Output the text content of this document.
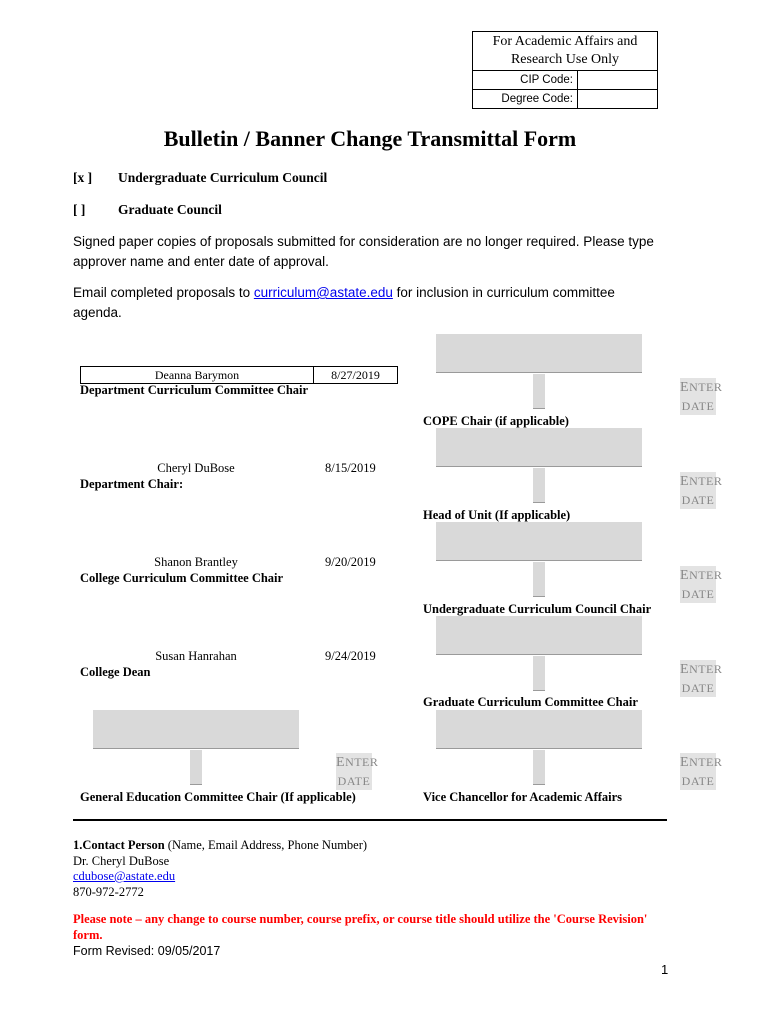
For Academic Affairs and Research Use Only
CIP Code:
Degree Code:
Bulletin / Banner Change Transmittal Form
[x ] Undergraduate Curriculum Council
[ ] Graduate Council
Signed paper copies of proposals submitted for consideration are no longer required. Please type approver name and enter date of approval.
Email completed proposals to curriculum@astate.edu for inclusion in curriculum committee agenda.
Deanna Barymon	8/27/2019
Department Curriculum Committee Chair
Cheryl DuBose	8/15/2019
Department Chair:
Shanon Brantley	9/20/2019
College Curriculum Committee Chair
Susan Hanrahan	9/24/2019
College Dean
ENTER
DATE
General Education Committee Chair (If applicable)
ENTER
DATE
COPE Chair (if applicable)
ENTER
DATE
Head of Unit (If applicable)
ENTER
DATE
Undergraduate Curriculum Council Chair
ENTER
DATE
Graduate Curriculum Committee Chair
ENTER
DATE
Vice Chancellor for Academic Affairs
1.Contact Person (Name, Email Address, Phone Number)
Dr. Cheryl DuBose
cdubose@astate.edu
870-972-2772
Please note – any change to course number, course prefix, or course title should utilize the 'Course Revision' form.
Form Revised: 09/05/2017
1
